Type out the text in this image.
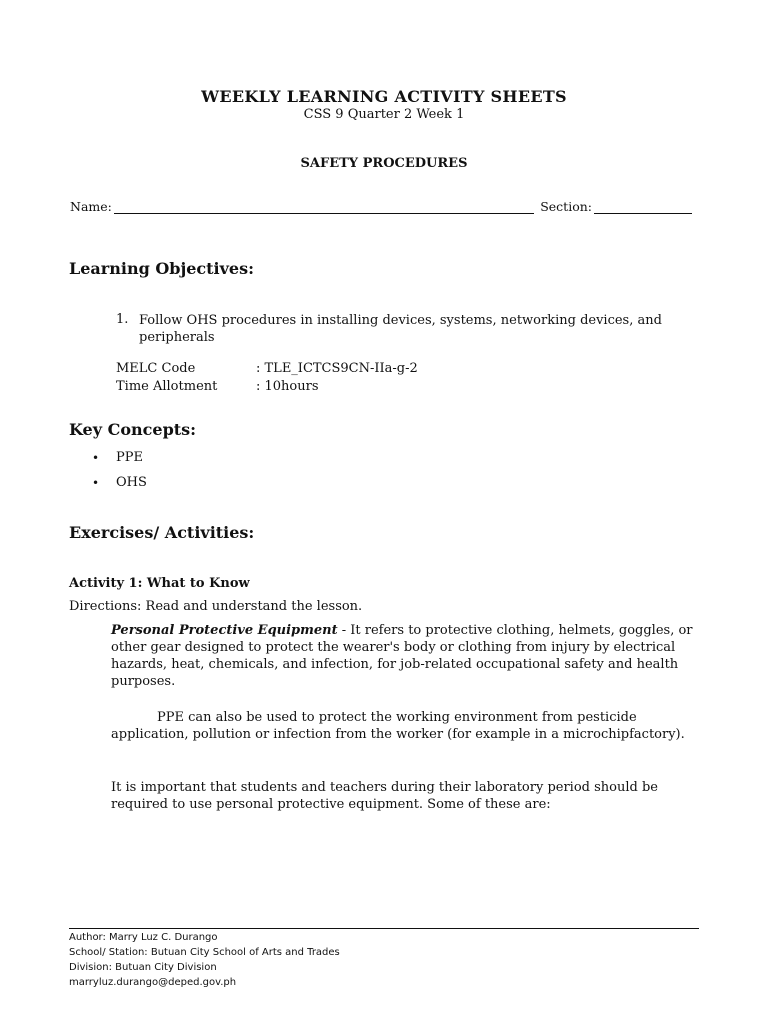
WEEKLY LEARNING ACTIVITY SHEETS
CSS 9 Quarter 2 Week 1
SAFETY PROCEDURES
Name:	Section:
Learning Objectives:
1. Follow OHS procedures in installing devices, systems, networking devices, and peripherals
MELC Code	: TLE_ICTCS9CN-IIa-g-2
Time Allotment	: 10hours
Key Concepts:
• PPE
• OHS
Exercises/ Activities:
Activity 1: What to Know
Directions: Read and understand the lesson.
Personal Protective Equipment - It refers to protective clothing, helmets, goggles, or other gear designed to protect the wearer's body or clothing from injury by electrical hazards, heat, chemicals, and infection, for job-related occupational safety and health purposes.
PPE can also be used to protect the working environment from pesticide application, pollution or infection from the worker (for example in a microchipfactory).
It is important that students and teachers during their laboratory period should be required to use personal protective equipment. Some of these are:
Author: Marry Luz C. Durango
School/ Station: Butuan City School of Arts and Trades
Division: Butuan City Division
marryluz.durango@deped.gov.ph
